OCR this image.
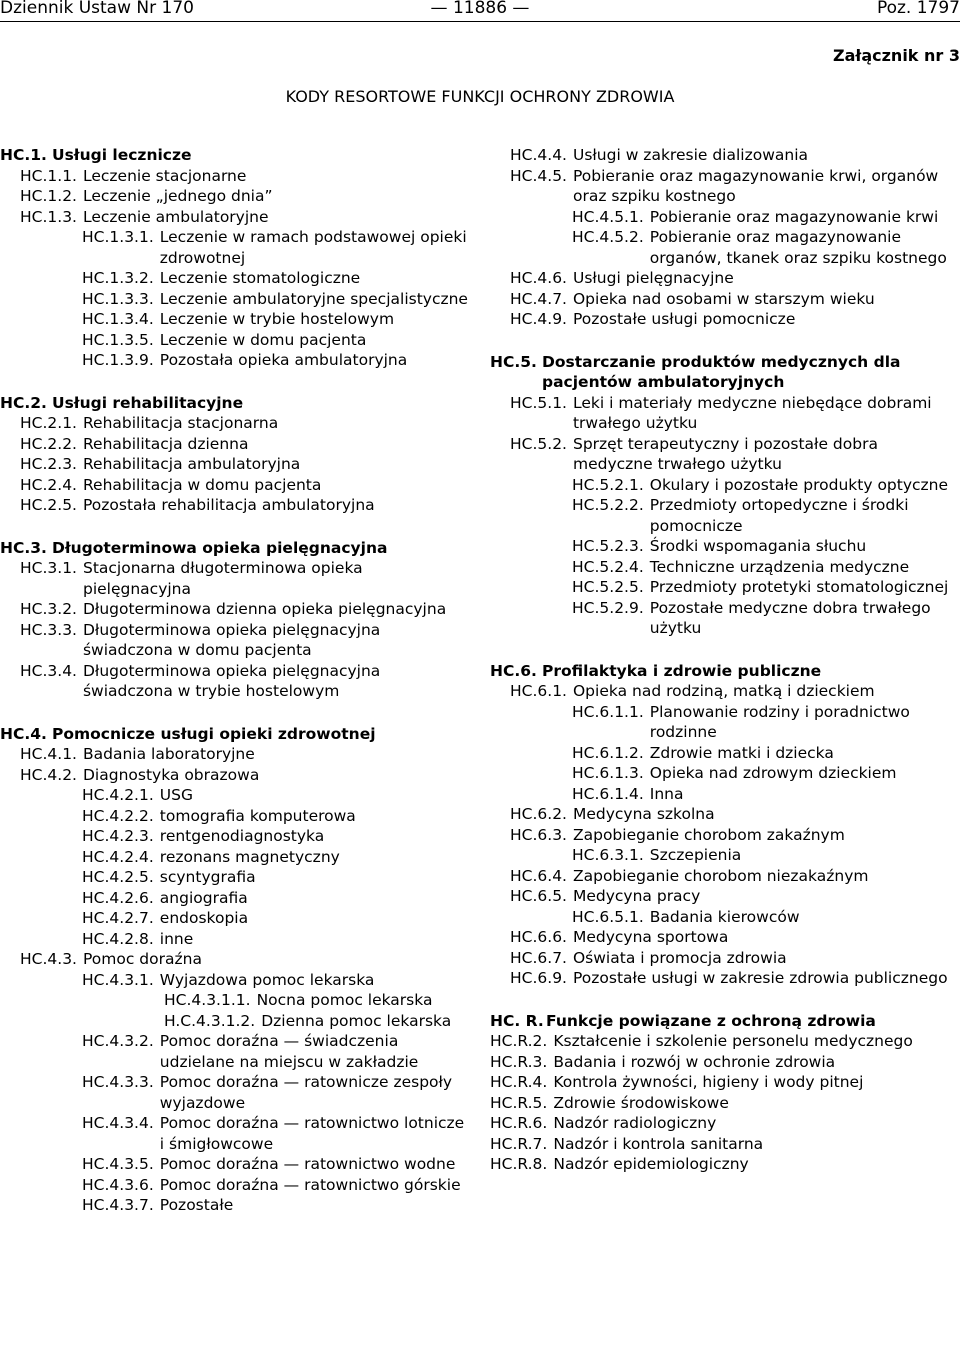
Dziennik Ustaw Nr 170	— 11886 —	Poz. 1797
Załącznik nr 3
KODY RESORTOWE FUNKCJI OCHRONY ZDROWIA
HC.1. Usługi lecznicze
HC.1.1. Leczenie stacjonarne
HC.1.2. Leczenie „jednego dnia”
HC.1.3. Leczenie ambulatoryjne
HC.1.3.1. Leczenie w ramach podstawowej opieki zdrowotnej
HC.1.3.2. Leczenie stomatologiczne
HC.1.3.3. Leczenie ambulatoryjne specjalistyczne
HC.1.3.4. Leczenie w trybie hostelowym
HC.1.3.5. Leczenie w domu pacjenta
HC.1.3.9. Pozostała opieka ambulatoryjna
HC.2. Usługi rehabilitacyjne
HC.2.1. Rehabilitacja stacjonarna
HC.2.2. Rehabilitacja dzienna
HC.2.3. Rehabilitacja ambulatoryjna
HC.2.4. Rehabilitacja w domu pacjenta
HC.2.5. Pozostała rehabilitacja ambulatoryjna
HC.3. Długoterminowa opieka pielęgnacyjna
HC.3.1. Stacjonarna długoterminowa opieka pielęgnacyjna
HC.3.2. Długoterminowa dzienna opieka pielęgnacyjna
HC.3.3. Długoterminowa opieka pielęgnacyjna świadczona w domu pacjenta
HC.3.4. Długoterminowa opieka pielęgnacyjna świadczona w trybie hostelowym
HC.4. Pomocnicze usługi opieki zdrowotnej
HC.4.1. Badania laboratoryjne
HC.4.2. Diagnostyka obrazowa
HC.4.2.1. USG
HC.4.2.2. tomografia komputerowa
HC.4.2.3. rentgenodiagnostyka
HC.4.2.4. rezonans magnetyczny
HC.4.2.5. scyntygrafia
HC.4.2.6. angiografia
HC.4.2.7. endoskopia
HC.4.2.8. inne
HC.4.3. Pomoc doraźna
HC.4.3.1. Wyjazdowa pomoc lekarska
HC.4.3.1.1. Nocna pomoc lekarska
H.C.4.3.1.2. Dzienna pomoc lekarska
HC.4.3.2. Pomoc doraźna — świadczenia udzielane na miejscu w zakładzie
HC.4.3.3. Pomoc doraźna — ratownicze zespoły wyjazdowe
HC.4.3.4. Pomoc doraźna — ratownictwo lotnicze i śmigłowcowe
HC.4.3.5. Pomoc doraźna — ratownictwo wodne
HC.4.3.6. Pomoc doraźna — ratownictwo górskie
HC.4.3.7. Pozostałe
HC.4.4. Usługi w zakresie dializowania
HC.4.5. Pobieranie oraz magazynowanie krwi, organów oraz szpiku kostnego
HC.4.5.1. Pobieranie oraz magazynowanie krwi
HC.4.5.2. Pobieranie oraz magazynowanie organów, tkanek oraz szpiku kostnego
HC.4.6. Usługi pielęgnacyjne
HC.4.7. Opieka nad osobami w starszym wieku
HC.4.9. Pozostałe usługi pomocnicze
HC.5. Dostarczanie produktów medycznych dla pacjentów ambulatoryjnych
HC.5.1. Leki i materiały medyczne niebędące dobrami trwałego użytku
HC.5.2. Sprzęt terapeutyczny i pozostałe dobra medyczne trwałego użytku
HC.5.2.1. Okulary i pozostałe produkty optyczne
HC.5.2.2. Przedmioty ortopedyczne i środki pomocnicze
HC.5.2.3. Środki wspomagania słuchu
HC.5.2.4. Techniczne urządzenia medyczne
HC.5.2.5. Przedmioty protetyki stomatologicznej
HC.5.2.9. Pozostałe medyczne dobra trwałego użytku
HC.6. Profilaktyka i zdrowie publiczne
HC.6.1. Opieka nad rodziną, matką i dzieckiem
HC.6.1.1. Planowanie rodziny i poradnictwo rodzinne
HC.6.1.2. Zdrowie matki i dziecka
HC.6.1.3. Opieka nad zdrowym dzieckiem
HC.6.1.4. Inna
HC.6.2. Medycyna szkolna
HC.6.3. Zapobieganie chorobom zakaźnym
HC.6.3.1. Szczepienia
HC.6.4. Zapobieganie chorobom niezakaźnym
HC.6.5. Medycyna pracy
HC.6.5.1. Badania kierowców
HC.6.6. Medycyna sportowa
HC.6.7. Oświata i promocja zdrowia
HC.6.9. Pozostałe usługi w zakresie zdrowia publicznego
HC. R. Funkcje powiązane z ochroną zdrowia
HC.R.2. Kształcenie i szkolenie personelu medycznego
HC.R.3. Badania i rozwój w ochronie zdrowia
HC.R.4. Kontrola żywności, higieny i wody pitnej
HC.R.5. Zdrowie środowiskowe
HC.R.6. Nadzór radiologiczny
HC.R.7. Nadzór i kontrola sanitarna
HC.R.8. Nadzór epidemiologiczny
